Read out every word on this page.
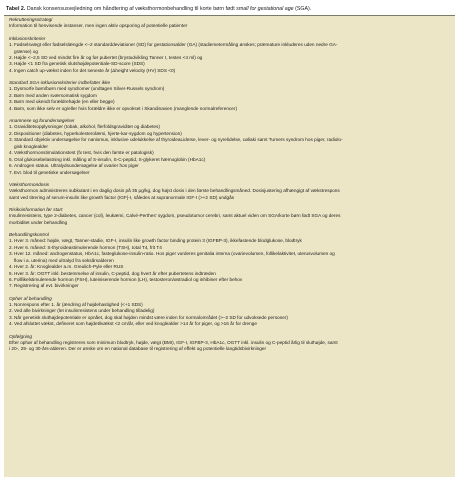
Tabel 2. Dansk konsensusvejledning om håndtering af væksthormonbehandling til korte børn født small for gestational age (SGA).
Rekrutteringsstrategi
Information til henvisende instanser, men ingen aktiv opsporing af potentielle patienter
Inklusionskriterier
1. Fødselsvægt eller fødselslængde <–2 standarddeviationer (SD) for gestationsalder (GA) (stadiemetermåling ønskes; præmature inkluderes uden nedre GA-
grænse) og
2. Højde <–2,5 SD ved mindst fire år og før pubertet (brystudvikling Tanner I, testes <4 ml) og
3. Højde <1 SD fra genetisk slutshøjdepotentiale-SD-score (SDS)
4. Ingen catch up-vækst inden for det seneste år (Δheight velocity (HV) SDS <0)
Standard SGA-inklusionskriterier indbefatter ikke
1. Dysmorfe børn/børn med syndromer (undtagen Silver-Russels syndrom)
2. Børn med anden sværsomatisk sygdom
3. Børn med ukendt forældrehøjde (en eller begge)
4. Børn, som ikke selv er og/eller hvis forældre ikke er opvokset i Skandinavien (manglende normalreferencer)
Anamnese og forundersøgelser
1. Graviditetsopplysninger (tobak, alkohol, flerfoldsgraviditet og diabetes)
2. Dispositioner (diabetes, hyperkolesterolæmi, hjerte-kar-sygdom og hypertension)
3. Standard objektiv undersøgelse for nanismus, inklusive udelukkelse af thyroideaLideIse, lever- og nyrelidelse, cøliaki samt Turners syndrom hos piger, radiolo-
gisk knoglealder
4. Væksthormonstimulationstest (fx test, hvis den første er patologisk)
5. Oral glukosebelastning inkl. måling af S-insulin, S-C-peptid, S-glykeret hæmoglobin (HbA1c)
6. Androgen status. Ultralydsundersøgelse af ovarier hos piger
7. Evt. blod til genetiske undersøgelser
Væksthormondosis
Væksthormon administreres subkutant i en daglig dosis på 35 μg/kg, dog højst dosis i den første behandlingsmåned. Dosisjustering afhængigt af vækstrespons
samt ved titrering af serum-insulin like growth factor (IGF)-I, således at supranormale IGF-I (>+2 SD) undgås
Risikoinformation før start
Insulinresistens, type 2-diabetes, cancer (col), leukæmi, Calvé-Perthes' sygdom, pseudotumor cerebri, samt aktuel viden om SGA/korte børn født SGA og deres
morbiditet under behandling
Behandlingskontrol
1. Hver 3. måned: højde, vægt, Tanner-stadie, IGF-I, insulin like growth factor binding protein 3 (IGFBP-3), ikkefastende blodglukose, blodtryk
2. Hver 6. måned: S-thyroideastimulerende hormon (TSH), total T4, frit T4
3. Hver 12. måned: androgenstatus, HbA1c, fasteglukose-insulin-ratio. Hos piger vurderes genitalia interna (ovarievolumen, follikelaktivitet, uterusvolumen og
flow i a. uterina) med ultralyd fra seksårsalderen
4. Hver 2. år: Knoglealder a.m. Greulich-Pyle eller RUS
5. Hver 3. år: OGTT inkl. bestemmelse af insulin, C-peptid, dog hvert år efter pubertetens indtræden
6. Folllikelstimulerende hormon (FSH), luteiniserende hormon (LH), testosteron/østradiol og inhibiner efter behov
7. Registrering af evt. bivirkninger
Ophør af behandling
1. Nonrespons efter 1. år (ændring af højdehastighed (<+1 SDS)
2. Ved alle bivirkninger (let insulinresistens under behandling tilladelig)
3. Når genetisk sluthøjdepotentiale er opnået, dog skal højden mindst være inden for normalområdet (>–2 SD for udvoksede personer)
4. Ved afsluttet vækst, defineret som højdetilvækst <2 cm/år, eller ved knoglealder >14 år for piger, og >16 år for drenge
Opfølgning
Efter ophør af behandling registreres som minimum blodtryk, højde, vægt (BMI), IGF-I, IGFBP-3, HbA1c, OGTT inkl. insulin og C-peptid årlig til sluthøjde, samt
i 20-, 25- og 30-års-alderen. Der er ønske om en national database til registrering af effekt og potentielle langtidsbivirkninger
